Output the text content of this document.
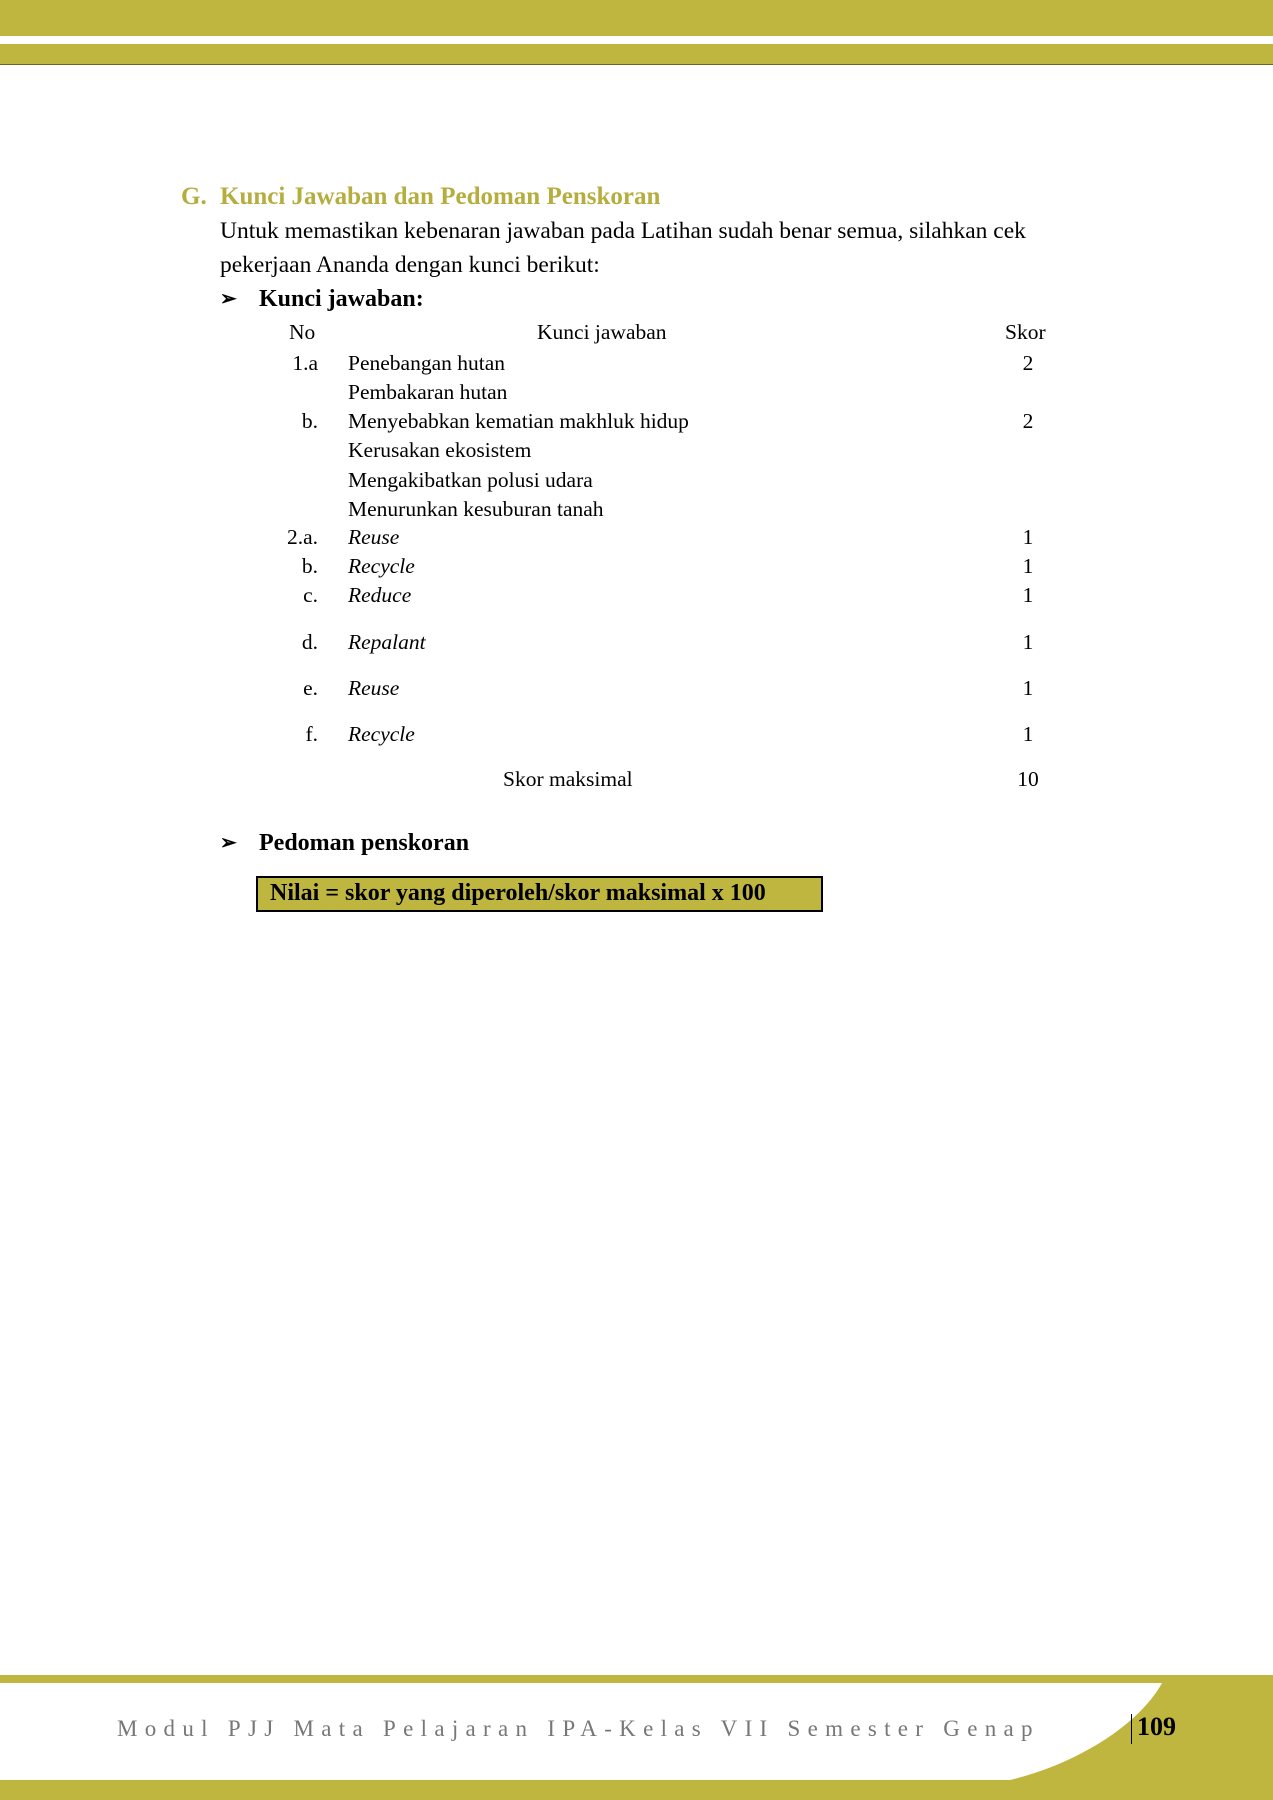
G. Kunci Jawaban dan Pedoman Penskoran
Untuk memastikan kebenaran jawaban pada Latihan sudah benar semua, silahkan cek
pekerjaan Ananda dengan kunci berikut:
➢ Kunci jawaban:
No	Kunci jawaban	Skor
1.a Penebangan hutan	2
Pembakaran hutan
b. Menyebabkan kematian makhluk hidup	2
Kerusakan ekosistem
Mengakibatkan polusi udara
Menurunkan kesuburan tanah
2.a. Reuse	1
b. Recycle	1
c. Reduce	1
d. Repalant	1
e. Reuse	1
f. Recycle	1
Skor maksimal	10
➢ Pedoman penskoran
Nilai = skor yang diperoleh/skor maksimal x 100
Modul PJJ Mata Pelajaran IPA-Kelas VII Semester Genap	109
